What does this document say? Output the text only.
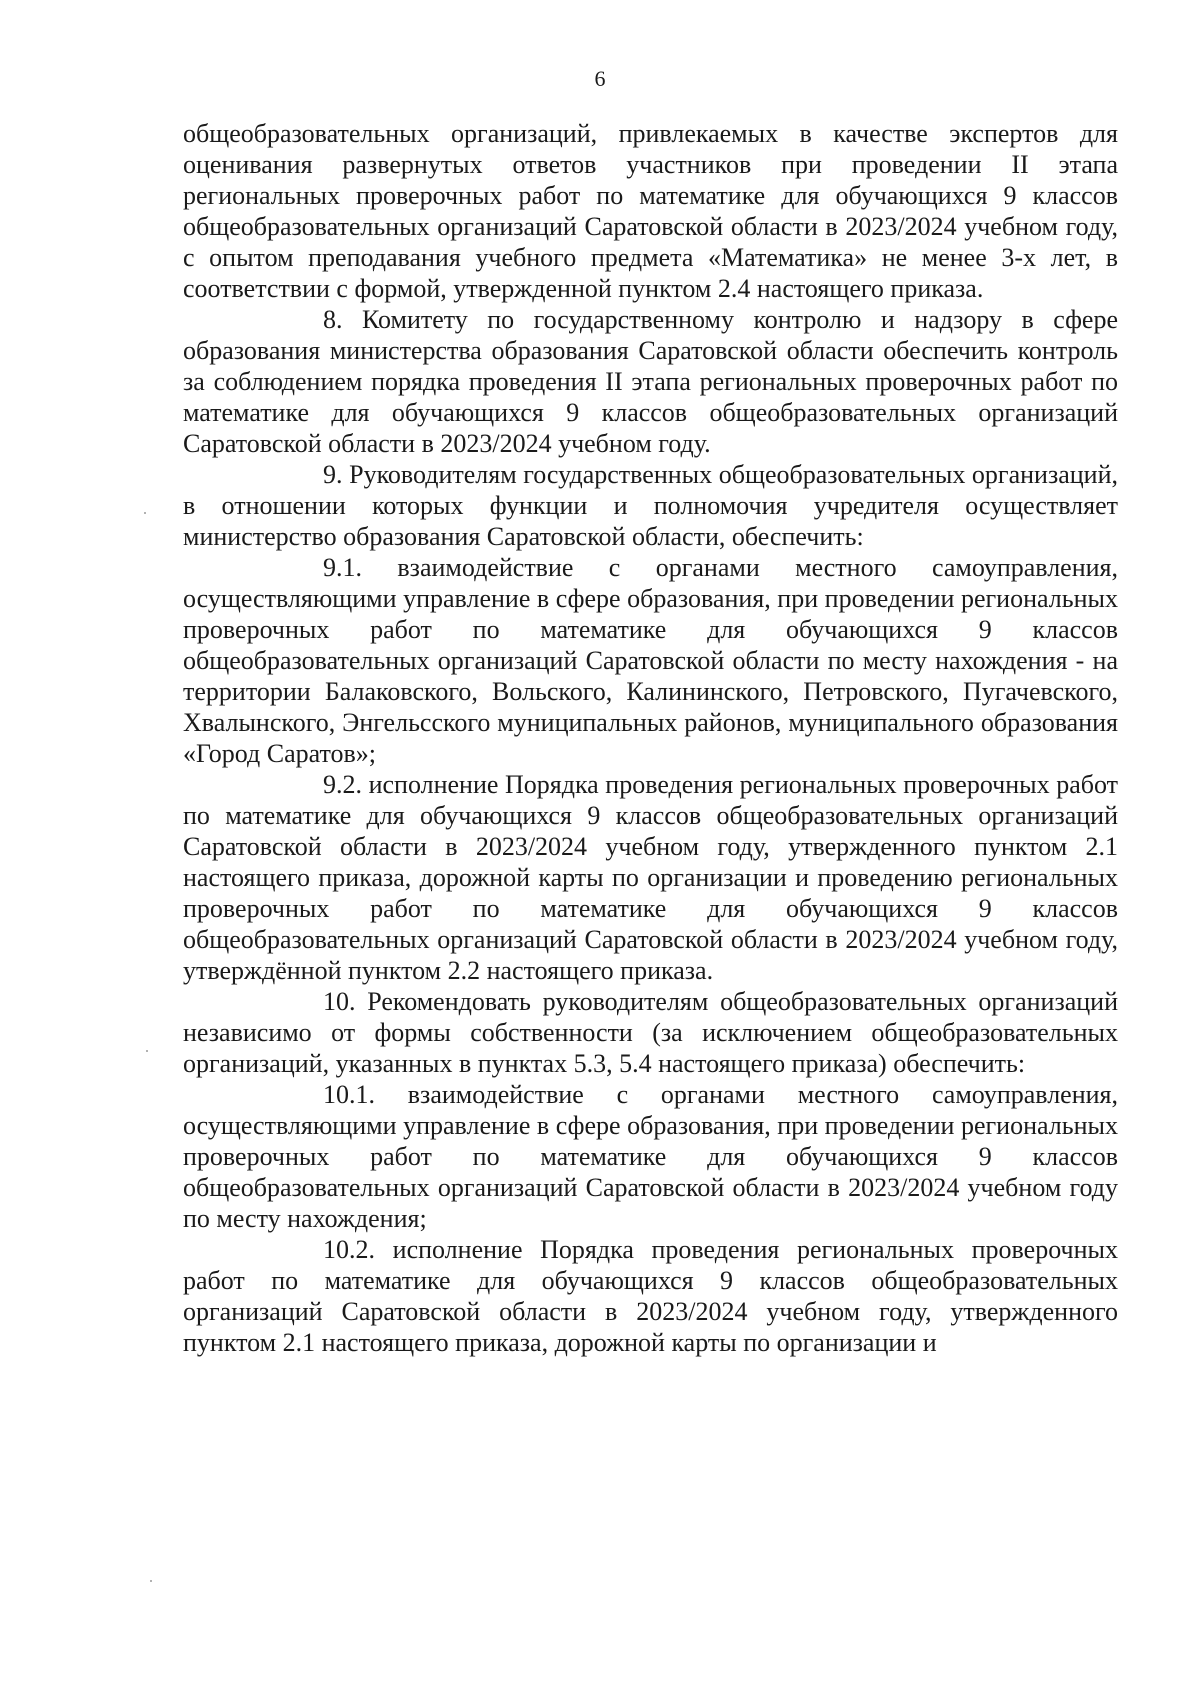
6

общеобразовательных организаций, привлекаемых в качестве экспертов для оценивания развернутых ответов участников при проведении II этапа региональных проверочных работ по математике для обучающихся 9 классов общеобразовательных организаций Саратовской области в 2023/2024 учебном году, с опытом преподавания учебного предмета «Математика» не менее 3-х лет, в соответствии с формой, утвержденной пунктом 2.4 настоящего приказа.

8. Комитету по государственному контролю и надзору в сфере образования министерства образования Саратовской области обеспечить контроль за соблюдением порядка проведения II этапа региональных проверочных работ по математике для обучающихся 9 классов общеобразовательных организаций Саратовской области в 2023/2024 учебном году.

9. Руководителям государственных общеобразовательных организаций, в отношении которых функции и полномочия учредителя осуществляет министерство образования Саратовской области, обеспечить:

9.1. взаимодействие с органами местного самоуправления, осуществляющими управление в сфере образования, при проведении региональных проверочных работ по математике для обучающихся 9 классов общеобразовательных организаций Саратовской области по месту нахождения - на территории Балаковского, Вольского, Калининского, Петровского, Пугачевского, Хвалынского, Энгельсского муниципальных районов, муниципального образования «Город Саратов»;

9.2. исполнение Порядка проведения региональных проверочных работ по математике для обучающихся 9 классов общеобразовательных организаций Саратовской области в 2023/2024 учебном году, утвержденного пунктом 2.1 настоящего приказа, дорожной карты по организации и проведению региональных проверочных работ по математике для обучающихся 9 классов общеобразовательных организаций Саратовской области в 2023/2024 учебном году, утверждённой пунктом 2.2 настоящего приказа.

10. Рекомендовать руководителям общеобразовательных организаций независимо от формы собственности (за исключением общеобразовательных организаций, указанных в пунктах 5.3, 5.4 настоящего приказа) обеспечить:

10.1. взаимодействие с органами местного самоуправления, осуществляющими управление в сфере образования, при проведении региональных проверочных работ по математике для обучающихся 9 классов общеобразовательных организаций Саратовской области в 2023/2024 учебном году по месту нахождения;

10.2. исполнение Порядка проведения региональных проверочных работ по математике для обучающихся 9 классов общеобразовательных организаций Саратовской области в 2023/2024 учебном году, утвержденного пунктом 2.1 настоящего приказа, дорожной карты по организации и
